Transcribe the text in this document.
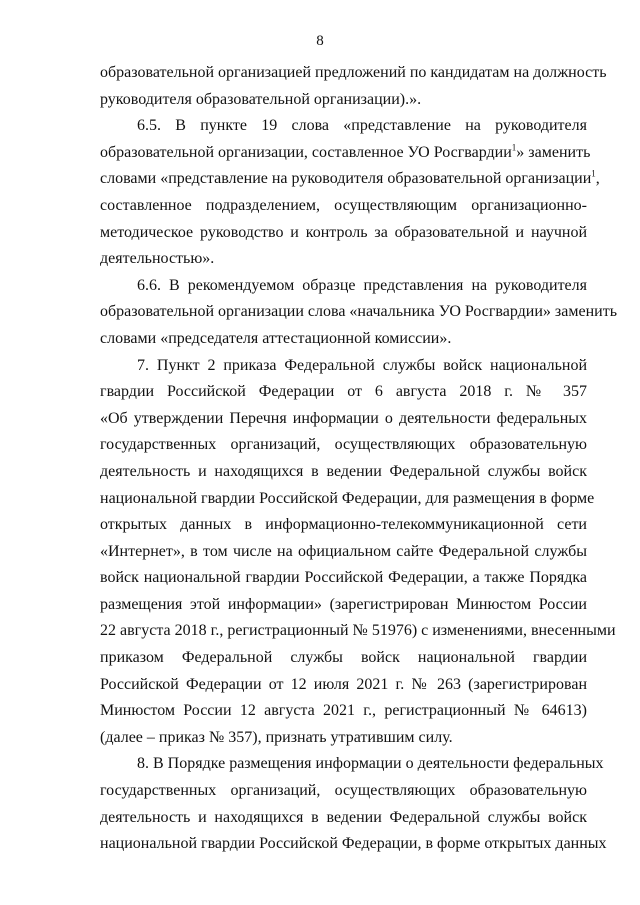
8
образовательной организацией предложений по кандидатам на должность
руководителя образовательной организации).».
6.5. В пункте 19 слова «представление на руководителя
образовательной организации, составленное УО Росгвардии$^1$» заменить
словами «представление на руководителя образовательной организации$^1$,
составленное подразделением, осуществляющим организационно-
методическое руководство и контроль за образовательной и научной
деятельностью».
6.6. В рекомендуемом образце представления на руководителя
образовательной организации слова «начальника УО Росгвардии» заменить
словами «председателя аттестационной комиссии».
7. Пункт 2 приказа Федеральной службы войск национальной
гвардии Российской Федерации от 6 августа 2018 г. № 357
«Об утверждении Перечня информации о деятельности федеральных
государственных организаций, осуществляющих образовательную
деятельность и находящихся в ведении Федеральной службы войск
национальной гвардии Российской Федерации, для размещения в форме
открытых данных в информационно-телекоммуникационной сети
«Интернет», в том числе на официальном сайте Федеральной службы
войск национальной гвардии Российской Федерации, а также Порядка
размещения этой информации» (зарегистрирован Минюстом России
22 августа 2018 г., регистрационный № 51976) с изменениями, внесенными
приказом Федеральной службы войск национальной гвардии
Российской Федерации от 12 июля 2021 г. № 263 (зарегистрирован
Минюстом России 12 августа 2021 г., регистрационный № 64613)
(далее – приказ № 357), признать утратившим силу.
8. В Порядке размещения информации о деятельности федеральных
государственных организаций, осуществляющих образовательную
деятельность и находящихся в ведении Федеральной службы войск
национальной гвардии Российской Федерации, в форме открытых данных
